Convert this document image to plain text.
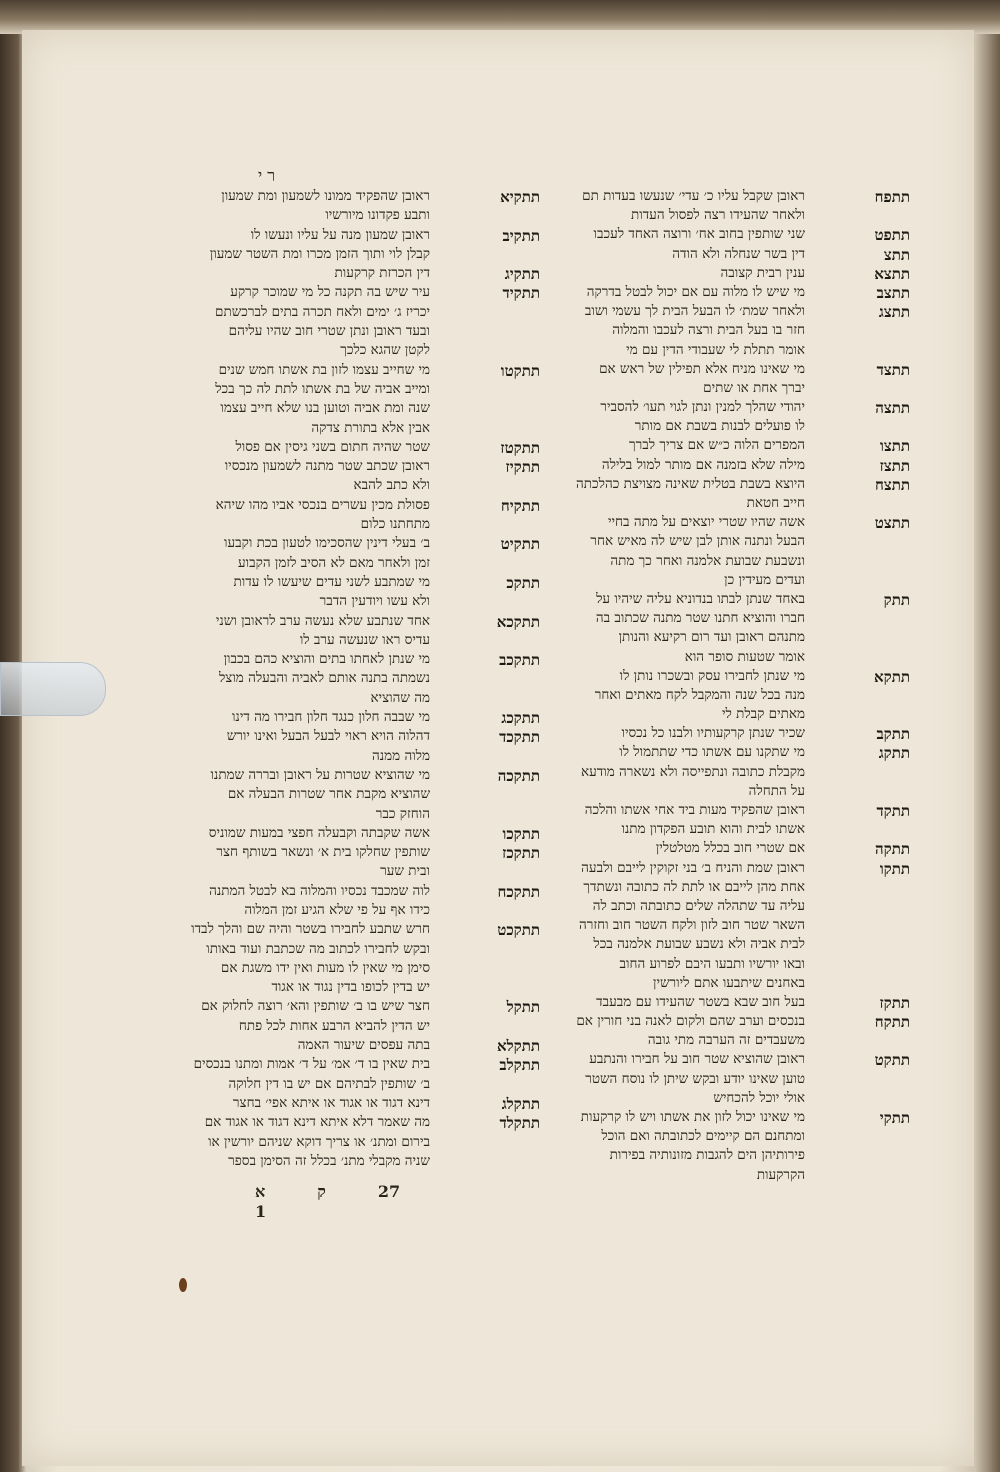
ר י
תתפח
ראובן שקבל עליו כ׳ עדי׳ שנעשו בעדות תם
ולאחר שהעידו רצה לפסול העדות
תתפט
שני שותפין בחוב אח׳ ורוצה האחד לעכבו
תתצ
דין בשר שנחלה ולא הודה
תתצא
ענין רבית קצובה
תתצב
מי שיש לו מלוה עם אם יכול לבטל בדרקה
תתצג
ולאחר שמת׳ לו הבעל הבית לך עשמי ושוב
חזר בו בעל הבית ורצה לעכבו והמלוה
אומר תתלת לי שעבודי הדין עם מי
תתצד
מי שאינו מניח אלא תפילין של ראש אם
יברך אחת או שתים
תתצה
יהודי שהלך למנין ונתן לגוי תעו׳ להסביר
לו פועלים לבנות בשבת אם מותר
תתצו
המפרים הלוה כ״ש אם צריך לברך
תתצז
מילה שלא בזמנה אם מותר למול בלילה
תתצח
היוצא בשבת בטלית שאינה מצויצת כהלכתה
חייב חטאת
תתצט
אשה שהיו שטרי יוצאים על מתה בחיי
הבעל ונתנה אותן לבן שיש לה מאיש אחר
ונשבעת שבועת אלמנה ואחר כך מתה
ועדים מעידין כן
תתק
באחד שנתן לבתו בנדוניא עליה שיהיו על
חברו והוציא חתנו שטר מתנה שכתוב בה
מתנהם ראובן ועד רום רקיעא והנותן
אומר שטעות סופר הוא
תתקא
מי שנתן לחבירו עסק ובשכרו נותן לו
מנה בכל שנה והמקבל לקח מאתים ואחר
מאתים קבלת לי
תתקב
שכיר שנתן קרקעותיו ולבנו כל נכסיו
תתקג
מי שתקנו עם אשתו כדי שתתמול לו
מקבלת כתובה ונתפייסה ולא נשארה מודעא
על התחלה
תתקד
ראובן שהפקיד מעות ביד אחי אשתו והלכה
אשתו לבית והוא תובע הפקדון מתנו
תתקה
אם שטרי חוב בכלל מטלטלין
תתקו
ראובן שמת והניח ב׳ בני זקוקין לייבם ולבעה
אחת מהן לייבם או לתת לה כתובה ונשתדך
עליה עד שתהלה שלים כתובתה וכתב לה
השאר שטר חוב לזון ולקח השטר חוב וחזרה
לבית אביה ולא נשבע שבועת אלמנה בכל
ובאו יורשיו ותבעו היבם לפרוע החוב
באחנים שיתבעו אתם ליורשין
תתקז
בעל חוב שבא בשטר שהעידו עם מבעבד
תתקח
בנכסים וערב שהם ולקום לאנה בני חורין אם
משעבדים זה הערבה מתי גובה
תתקט
ראובן שהוציא שטר חוב על חבירו והנתבע
טוען שאינו יודע ובקש שיתן לו נוסח השטר
אולי יוכל להכחיש
תתקי
מי שאינו יכול לזון את אשתו ויש לו קרקעות
ומתחנם הם קיימים לכתובתה ואם הוכל
פירותיהן הים להגבות מזונותיה בפירות
הקרקעות
תתקיא
ראובן שהפקיד ממונו לשמעון ומת שמעון
ותבע פקדונו מיורשיו
תתקיב
ראובן שמעון מנה על עליו ונעשו לו
קבלן לוי ותוך הזמן מכרו ומת השטר שמעון
תתקיג
דין הכרזת קרקעות
תתקיד
עיר שיש בה תקנה כל מי שמוכר קרקע
יכריז ג׳ ימים ולאח תכרה בתים לברכשתם
ובעד ראובן ונתן שטרי חוב שהיו עליהם
לקטן שהגא כלכך
תתקטו
מי שחייב עצמו לזון בת אשתו חמש שנים
ומייב אביה של בת אשתו לתת לה כך בכל
שנה ומת אביה וטוען בנו שלא חייב עצמו
אבין אלא בתורת צדקה
תתקטז
שטר שהיה חתום בשני גיסין אם פסול
תתקיז
ראובן שכתב שטר מתנה לשמעון מנכסיו
ולא כתב להבא
תתקיח
פסולת מכין עשרים בנכסי אביו מהו שיהא
מתחתנו כלום
תתקיט
ב׳ בעלי דינין שהסכימו לטעון בכת וקבעו
זמן ולאחר מאם לא הסיב לזמן הקבוע
תתקכ
מי שמתבע לשני עדים שיעשו לו עדות
ולא עשו ויודעין הדבר
תתקכא
אחד שנתבע שלא נעשה ערב לראובן ושני
עדיס ראו שנעשה ערב לו
תתקכב
מי שנתן לאחתו בתים והוציא כהם בכבון
נשמתה בתנה אותם לאביה והבעלה מוצל
מה שהוציא
תתקכג
מי שבבה חלון כנגד חלון חבירו מה דינו
תתקכד
דהלוה הויא ראוי לבעל הבעל ואינו יורש
מלוה ממנה
תתקכה
מי שהוציא שטרות על ראובן ובררה שמתנו
שהוציא מקבת אחר שטרות הבעלה אם
הוחזק כבר
תתקכו
אשה שקבתה וקבעלה חפצי במעות שמוניס
תתקכז
שותפין שחלקו בית א׳ ונשאר בשותף חצר
ובית שער
תתקכח
לוה שמכבד נכסיו והמלוה בא לבטל המתנה
כידו אף על פי שלא הגיע זמן המלוה
תתקכט
חרש שתבע לחבירו בשטר והיה שם והלך לבדו
ובקש לחבירו לכתוב מה שכתבת ועוד באותו
סימן מי שאין לו מעות ואין ידו משגת אם
יש בדין לכופו בדין נגוד או אגוד
תתקל
חצר שיש בו ב׳ שותפין והא׳ רוצה לחלוק אם
יש הדין להביא הרבע אחות לכל פתח
תתקלא
בתה עפסים שיעור האמה
תתקלב
בית שאין בו ד׳ אמ׳ על ד׳ אמות ומתנו בנכסים
ב׳ שותפין לבתיהם אם יש בו דין חלוקה
תתקלג
דינא דגוד או אגוד או איתא אפי׳ בחצר
תתקלד
מה שאמר דלא איתא דינא דגוד או אגוד אם
בירום ומתנ׳ או צריך דוקא שניהם יורשין או
שניה מקבלי מתנ׳ בכלל זה הסימן בספר
א	ק	271
